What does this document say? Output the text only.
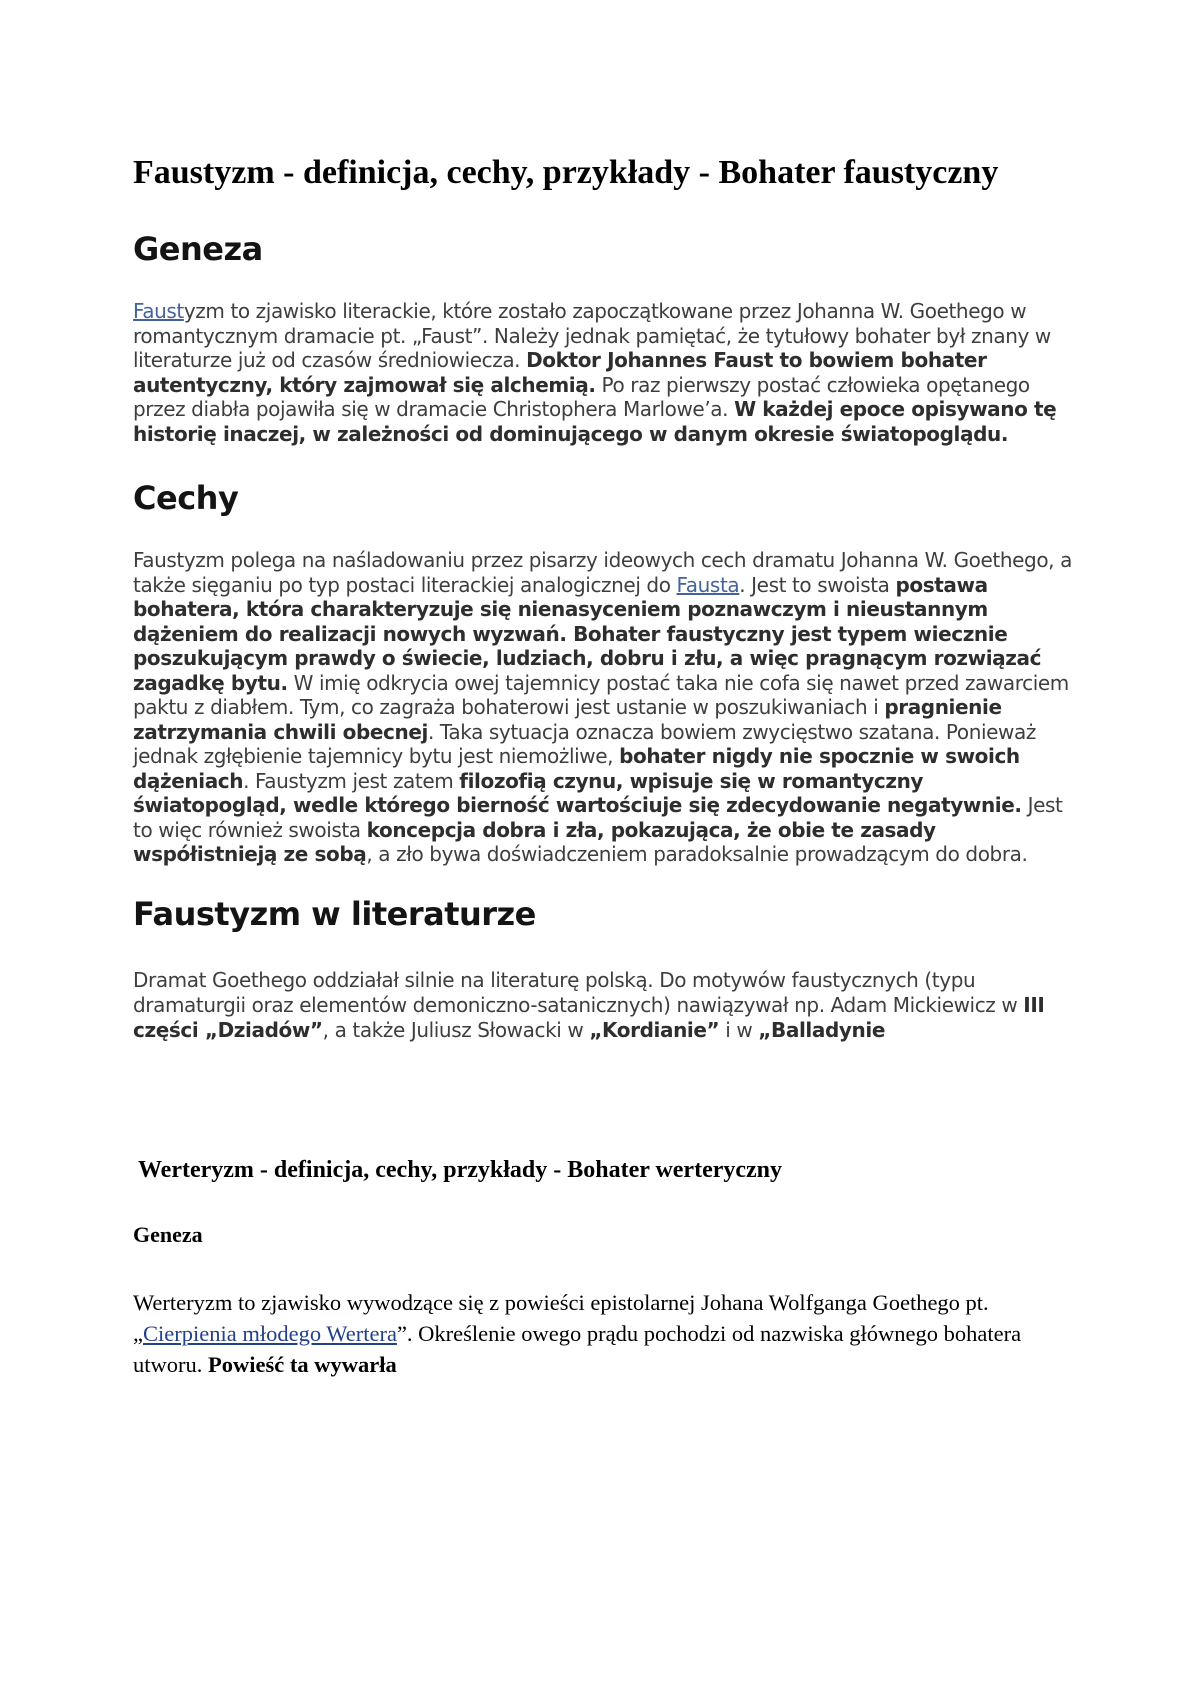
Faustyzm - definicja, cechy, przykłady - Bohater faustyczny
Geneza

Faustyzm to zjawisko literackie, które zostało zapoczątkowane przez Johanna W. Goethego w romantycznym dramacie pt. „Faust”. Należy jednak pamiętać, że tytułowy bohater był znany w literaturze już od czasów średniowiecza. Doktor Johannes Faust to bowiem bohater autentyczny, który zajmował się alchemią. Po raz pierwszy postać człowieka opętanego przez diabła pojawiła się w dramacie Christophera Marlowe’a. W każdej epoce opisywano tę historię inaczej, w zależności od dominującego w danym okresie światopoglądu.

Cechy

Faustyzm polega na naśladowaniu przez pisarzy ideowych cech dramatu Johanna W. Goethego, a także sięganiu po typ postaci literackiej analogicznej do Fausta. Jest to swoista postawa bohatera, która charakteryzuje się nienasyceniem poznawczym i nieustannym dążeniem do realizacji nowych wyzwań. Bohater faustyczny jest typem wiecznie poszukującym prawdy o świecie, ludziach, dobru i złu, a więc pragnącym rozwiązać zagadkę bytu. W imię odkrycia owej tajemnicy postać taka nie cofa się nawet przed zawarciem paktu z diabłem. Tym, co zagraża bohaterowi jest ustanie w poszukiwaniach i pragnienie zatrzymania chwili obecnej. Taka sytuacja oznacza bowiem zwycięstwo szatana. Ponieważ jednak zgłębienie tajemnicy bytu jest niemożliwe, bohater nigdy nie spocznie w swoich dążeniach. Faustyzm jest zatem filozofią czynu, wpisuje się w romantyczny światopogląd, wedle którego bierność wartościuje się zdecydowanie negatywnie. Jest to więc również swoista koncepcja dobra i zła, pokazująca, że obie te zasady współistnieją ze sobą, a zło bywa doświadczeniem paradoksalnie prowadzącym do dobra.

Faustyzm w literaturze

Dramat Goethego oddziałał silnie na literaturę polską. Do motywów faustycznych (typu dramaturgii oraz elementów demoniczno-satanicznych) nawiązywał np. Adam Mickiewicz w III części „Dziadów”, a także Juliusz Słowacki w „Kordianie” i w „Balladynie

Werteryzm - definicja, cechy, przykłady - Bohater werteryczny
Geneza

Werteryzm to zjawisko wywodzące się z powieści epistolarnej Johana Wolfganga Goethego pt. „Cierpienia młodego Wertera”. Określenie owego prądu pochodzi od nazwiska głównego bohatera utworu. Powieść ta wywarła
